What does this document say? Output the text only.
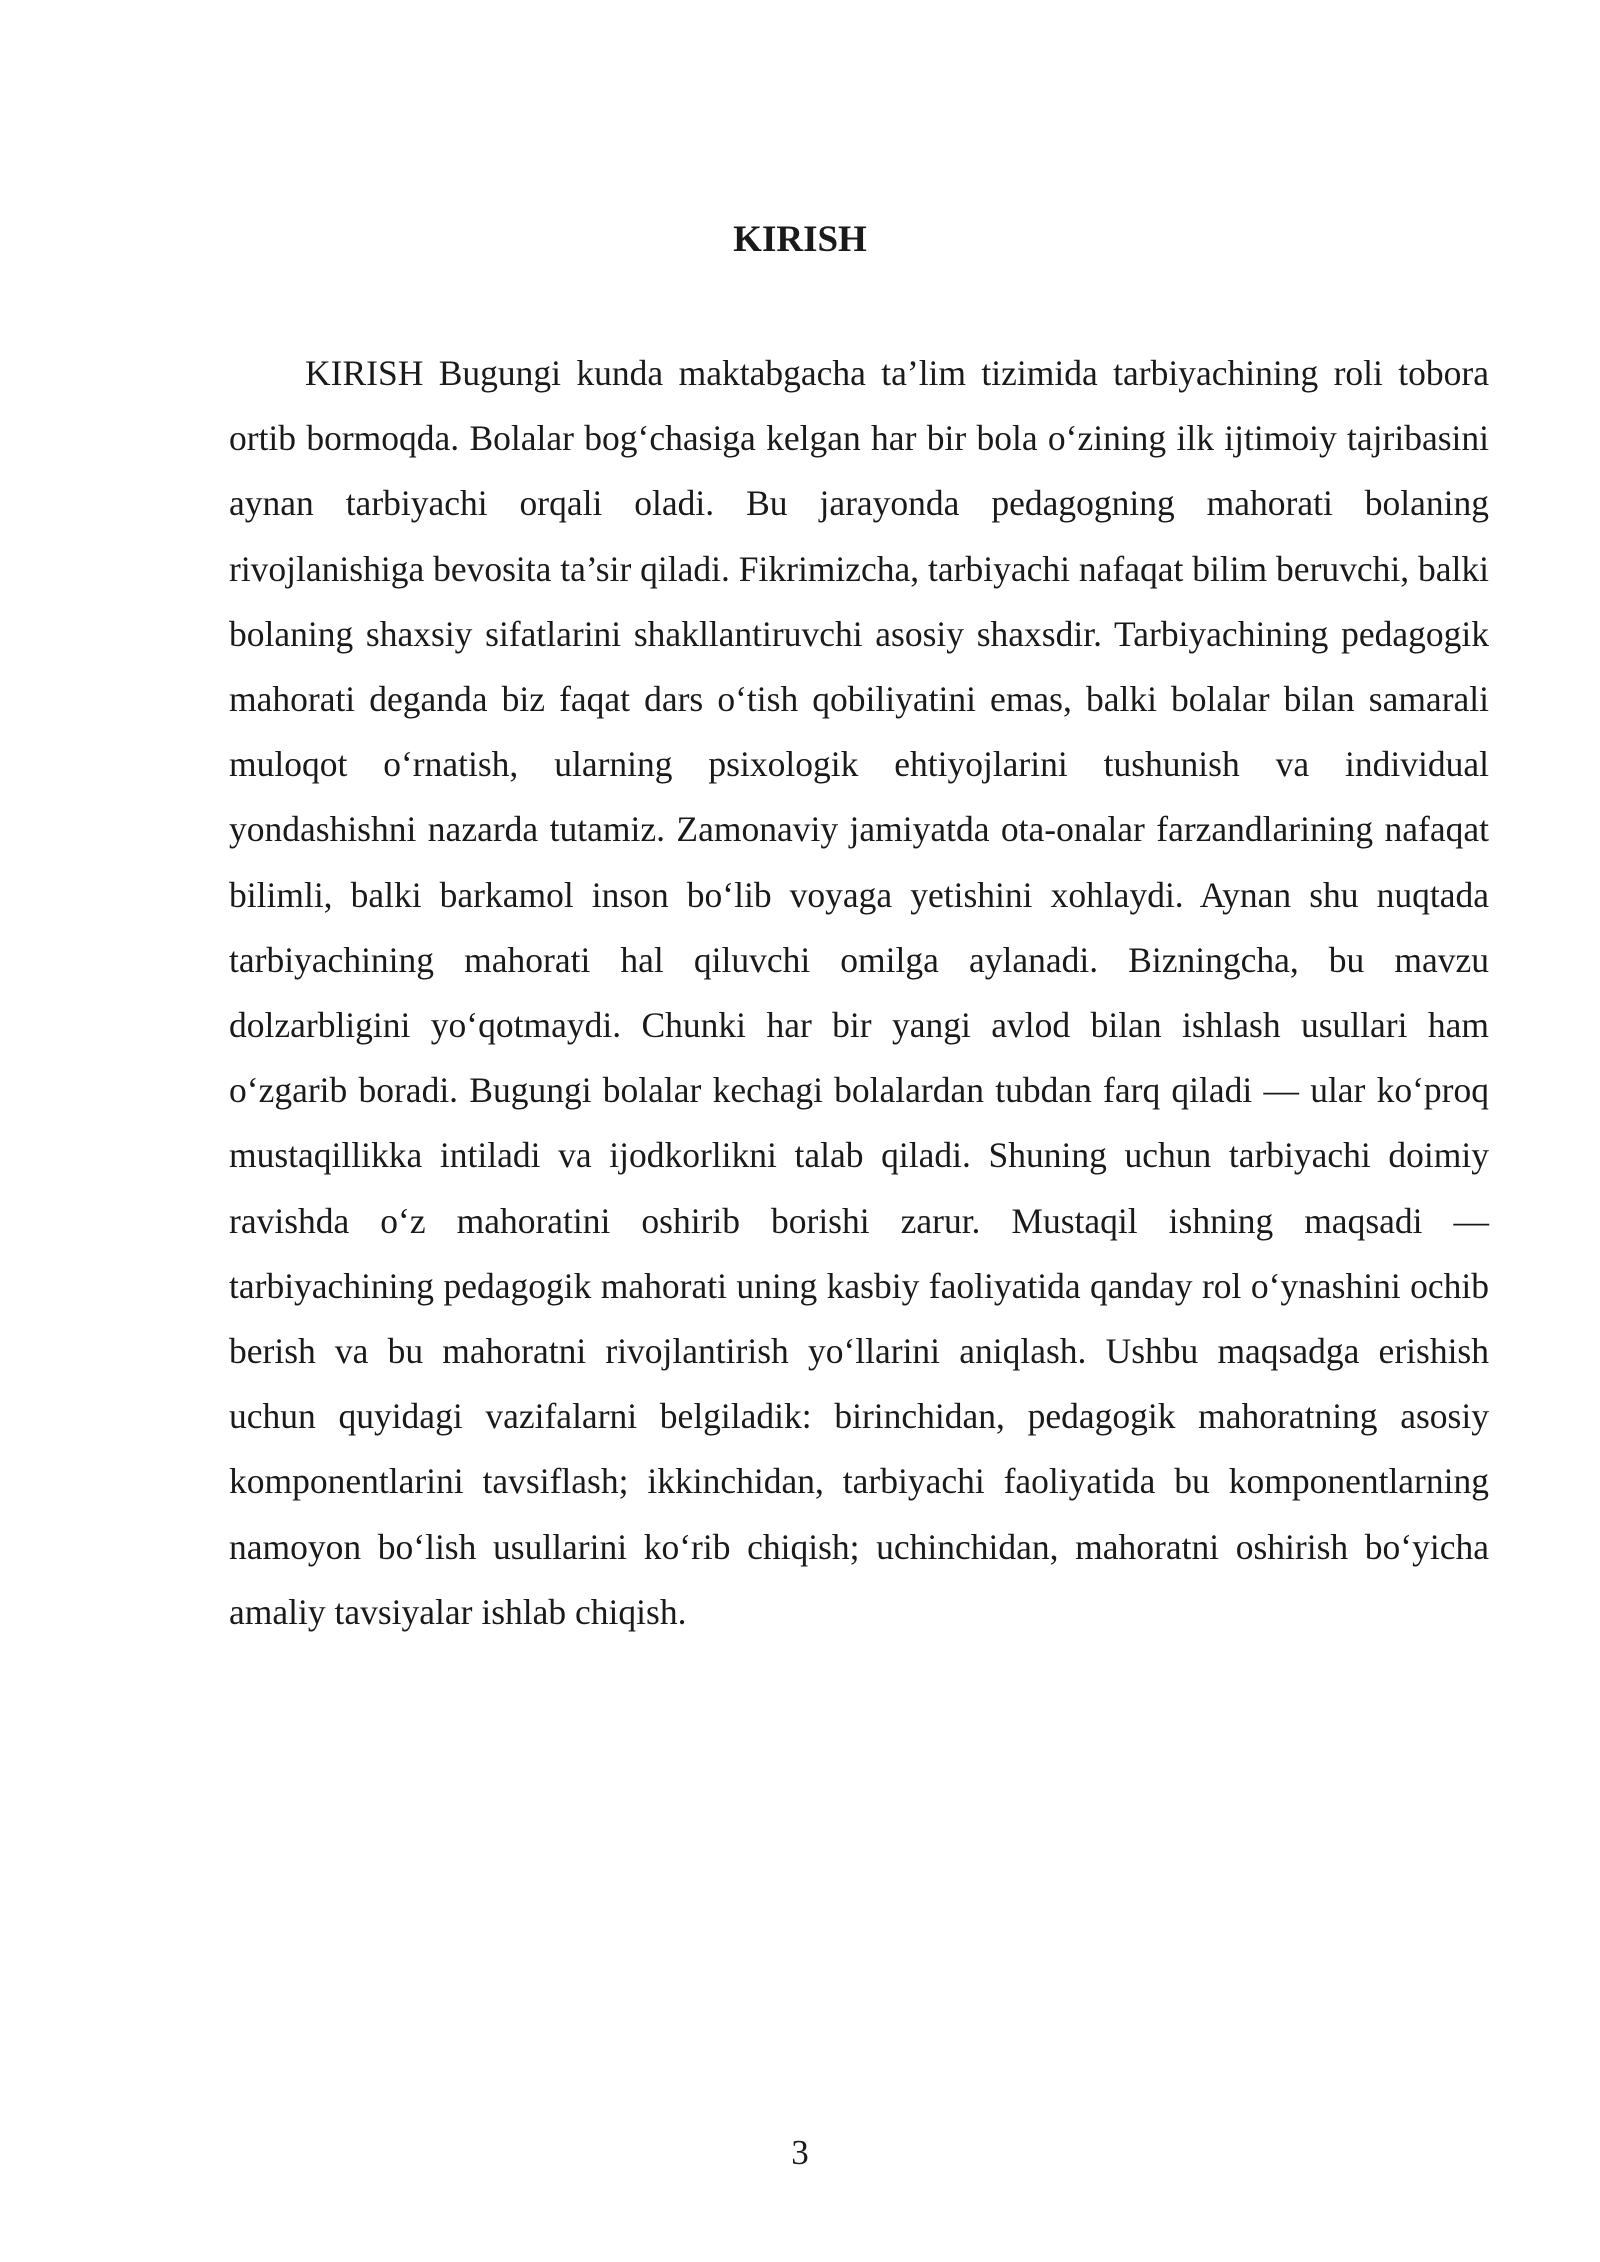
KIRISH

KIRISH Bugungi kunda maktabgacha ta’lim tizimida tarbiyachining roli tobora ortib bormoqda. Bolalar bog‘chasiga kelgan har bir bola o‘zining ilk ijtimoiy tajribasini aynan tarbiyachi orqali oladi. Bu jarayonda pedagogning mahorati bolaning rivojlanishiga bevosita ta’sir qiladi. Fikrimizcha, tarbiyachi nafaqat bilim beruvchi, balki bolaning shaxsiy sifatlarini shakllantiruvchi asosiy shaxsdir. Tarbiyachining pedagogik mahorati deganda biz faqat dars o‘tish qobiliyatini emas, balki bolalar bilan samarali muloqot o‘rnatish, ularning psixologik ehtiyojlarini tushunish va individual yondashishni nazarda tutamiz. Zamonaviy jamiyatda ota-onalar farzandlarining nafaqat bilimli, balki barkamol inson bo‘lib voyaga yetishini xohlaydi. Aynan shu nuqtada tarbiyachining mahorati hal qiluvchi omilga aylanadi. Bizningcha, bu mavzu dolzarbligini yo‘qotmaydi. Chunki har bir yangi avlod bilan ishlash usullari ham o‘zgarib boradi. Bugungi bolalar kechagi bolalardan tubdan farq qiladi — ular ko‘proq mustaqillikka intiladi va ijodkorlikni talab qiladi. Shuning uchun tarbiyachi doimiy ravishda o‘z mahoratini oshirib borishi zarur. Mustaqil ishning maqsadi — tarbiyachining pedagogik mahorati uning kasbiy faoliyatida qanday rol o‘ynashini ochib berish va bu mahoratni rivojlantirish yo‘llarini aniqlash. Ushbu maqsadga erishish uchun quyidagi vazifalarni belgiladik: birinchidan, pedagogik mahoratning asosiy komponentlarini tavsiflash; ikkinchidan, tarbiyachi faoliyatida bu komponentlarning namoyon bo‘lish usullarini ko‘rib chiqish; uchinchidan, mahoratni oshirish bo‘yicha amaliy tavsiyalar ishlab chiqish.

3
